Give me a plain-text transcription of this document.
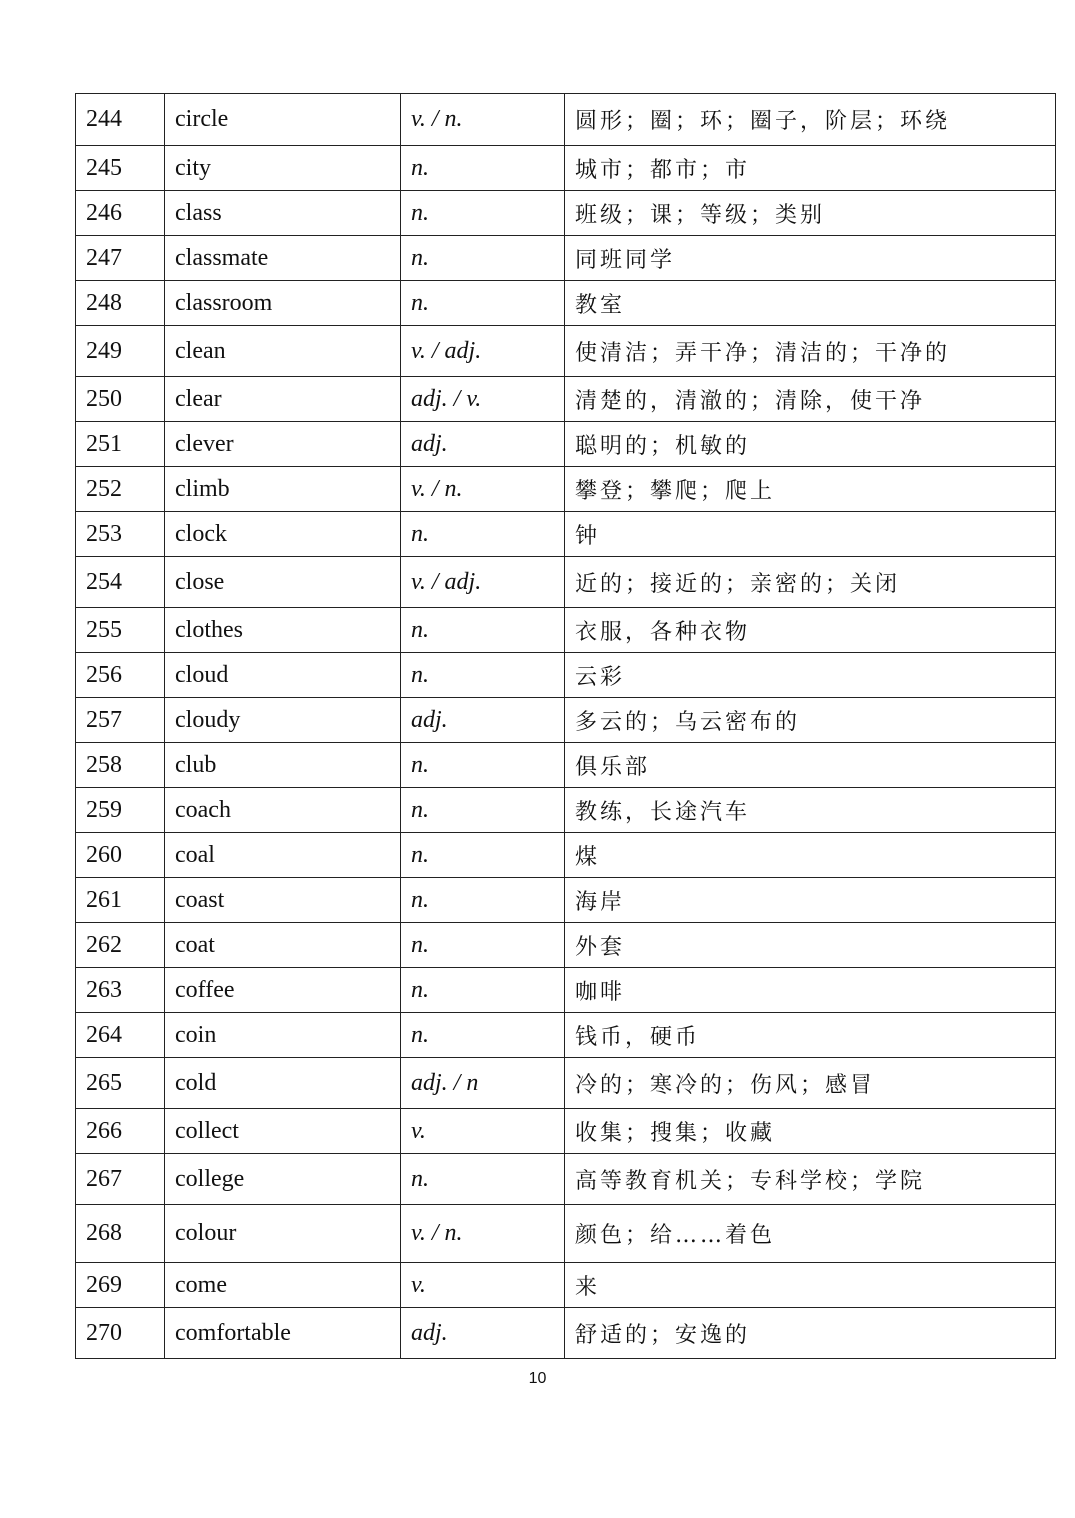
244	circle	v. / n.	圆形；圈；环；圈子，阶层；环绕
245	city	n.	城市；都市；市
246	class	n.	班级；课；等级；类别
247	classmate	n.	同班同学
248	classroom	n.	教室
249	clean	v. / adj.	使清洁；弄干净；清洁的；干净的
250	clear	adj. / v.	清楚的，清澈的；清除，使干净
251	clever	adj.	聪明的；机敏的
252	climb	v. / n.	攀登；攀爬；爬上
253	clock	n.	钟
254	close	v. / adj.	近的；接近的；亲密的；关闭
255	clothes	n.	衣服，各种衣物
256	cloud	n.	云彩
257	cloudy	adj.	多云的；乌云密布的
258	club	n.	俱乐部
259	coach	n.	教练，长途汽车
260	coal	n.	煤
261	coast	n.	海岸
262	coat	n.	外套
263	coffee	n.	咖啡
264	coin	n.	钱币，硬币
265	cold	adj. / n	冷的；寒冷的；伤风；感冒
266	collect	v.	收集；搜集；收藏
267	college	n.	高等教育机关；专科学校；学院
268	colour	v. / n.	颜色；给……着色
269	come	v.	来
270	comfortable	adj.	舒适的；安逸的
10
